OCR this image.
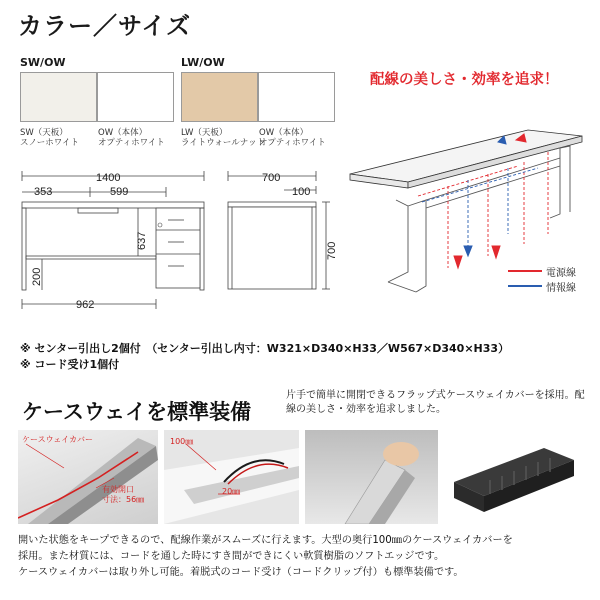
カラー／サイズ
SW/OW
SW（天板）
スノーホワイト
OW（本体）
オプティホワイト
LW/OW
LW（天板）
ライトウォールナット
OW（本体）
オプティホワイト
配線の美しさ・効率を追求！
1400
353	599
962
637
200
700
100
700
電源線
情報線
※ センター引出し2個付　（センター引出し内寸：W321×D340×H33／W567×D340×H33）
※ コード受け1個付
ケースウェイを標準装備
片手で簡単に開閉できるフラップ式ケースウェイカバーを採用。配線の美しさ・効率を追求しました。
ケースウェイカバー
有効開口
寸法：56㎜
100㎜
20㎜
開いた状態をキープできるので、配線作業がスムーズに行えます。大型の奥行100㎜のケースウェイカバーを
採用。また材質には、コードを通した時にすき間ができにくい軟質樹脂のソフトエッジです。
ケースウェイカバーは取り外し可能。着脱式のコード受け（コードクリップ付）も標準装備です。
